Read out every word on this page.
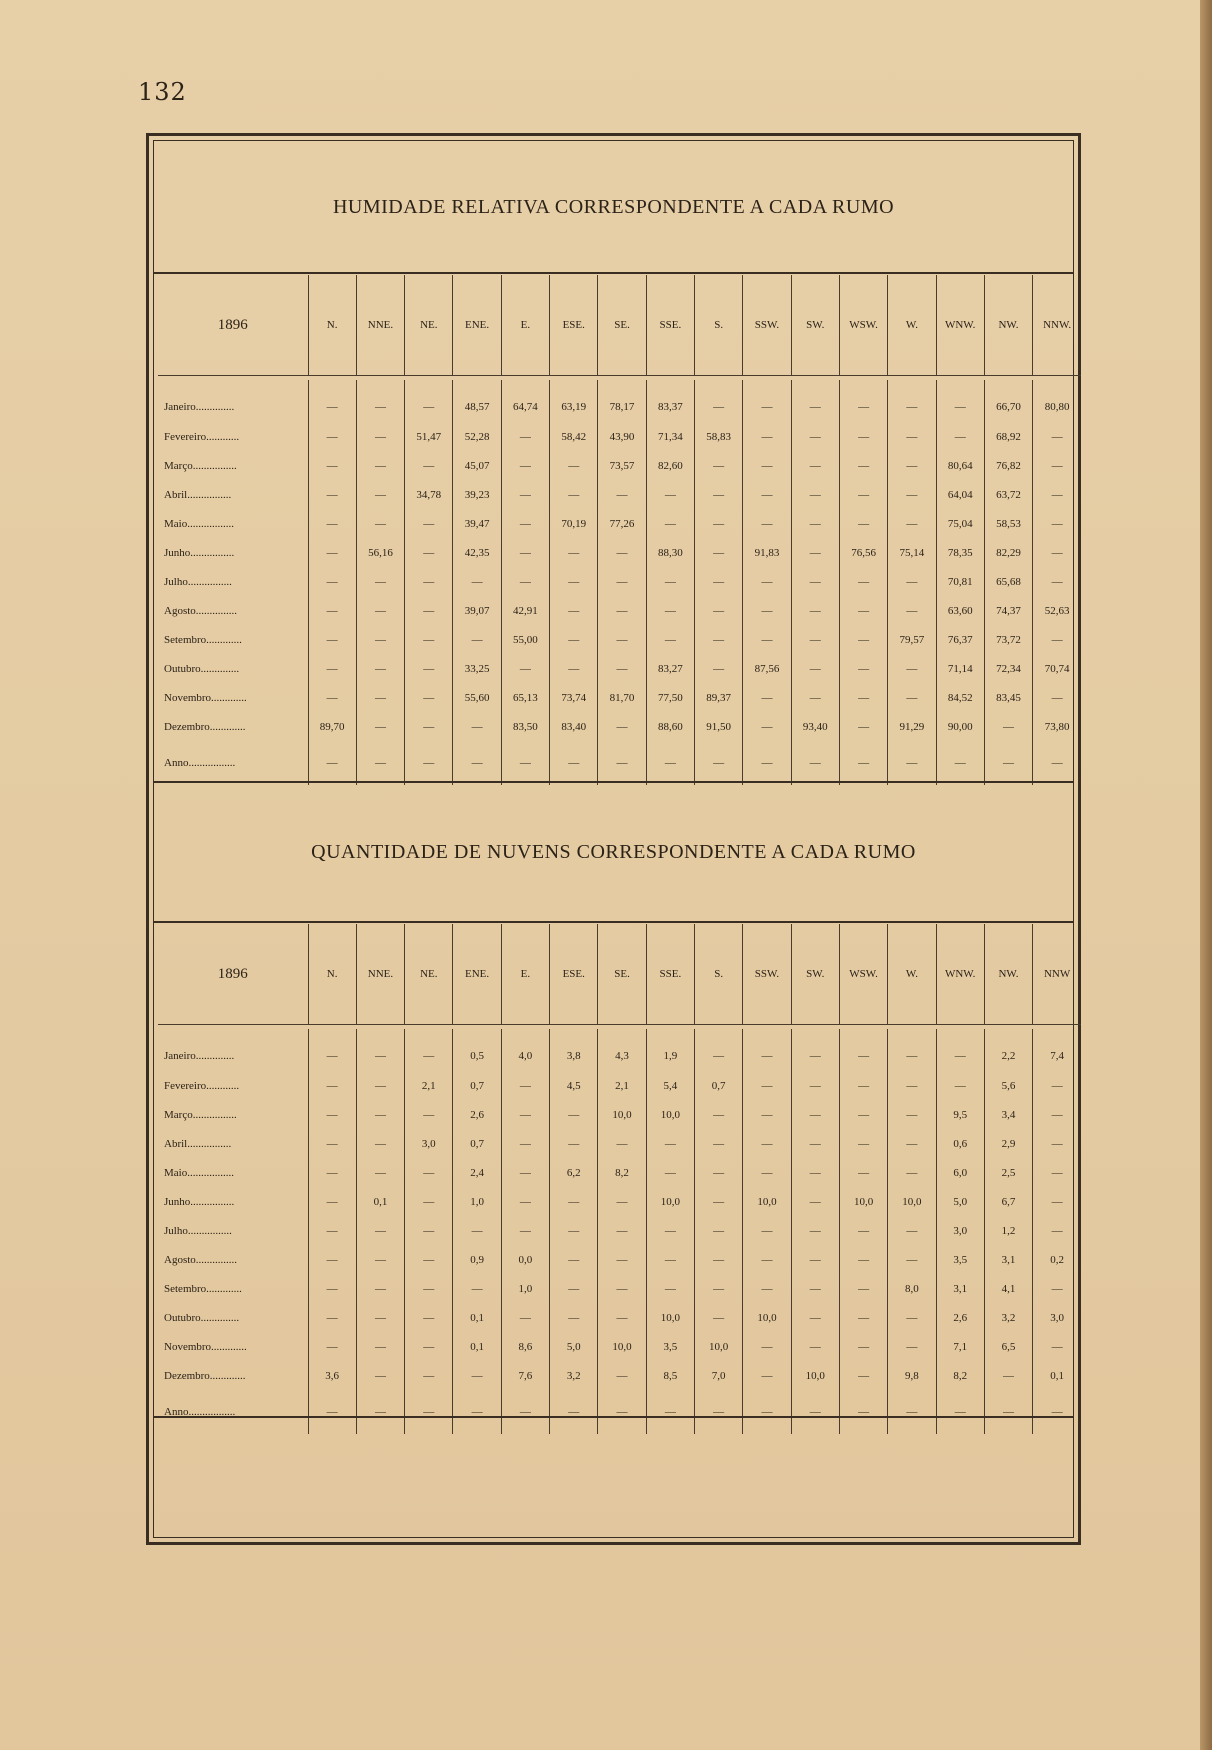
132
HUMIDADE RELATIVA CORRESPONDENTE A CADA RUMO
1896	N.	NNE.	NE.	ENE.	E.	ESE.	SE.	SSE.	S.	SSW.	SW.	WSW.	W.	WNW.	NW.	NNW.

Janeiro..............	—	—	—	48,57	64,74	63,19	78,17	83,37	—	—	—	—	—	—	66,70	80,80
Fevereiro............	—	—	51,47	52,28	—	58,42	43,90	71,34	58,83	—	—	—	—	—	68,92	—
Março................	—	—	—	45,07	—	—	73,57	82,60	—	—	—	—	—	80,64	76,82	—
Abril................	—	—	34,78	39,23	—	—	—	—	—	—	—	—	—	64,04	63,72	—
Maio.................	—	—	—	39,47	—	70,19	77,26	—	—	—	—	—	—	75,04	58,53	—
Junho................	—	56,16	—	42,35	—	—	—	88,30	—	91,83	—	76,56	75,14	78,35	82,29	—
Julho................	—	—	—	—	—	—	—	—	—	—	—	—	—	70,81	65,68	—
Agosto...............	—	—	—	39,07	42,91	—	—	—	—	—	—	—	—	63,60	74,37	52,63
Setembro.............	—	—	—	—	55,00	—	—	—	—	—	—	—	79,57	76,37	73,72	—
Outubro..............	—	—	—	33,25	—	—	—	83,27	—	87,56	—	—	—	71,14	72,34	70,74
Novembro.............	—	—	—	55,60	65,13	73,74	81,70	77,50	89,37	—	—	—	—	84,52	83,45	—
Dezembro.............	89,70	—	—	—	83,50	83,40	—	88,60	91,50	—	93,40	—	91,29	90,00	—	73,80
Anno.................	—	—	—	—	—	—	—	—	—	—	—	—	—	—	—	—
QUANTIDADE DE NUVENS CORRESPONDENTE A CADA RUMO
1896	N.	NNE.	NE.	ENE.	E.	ESE.	SE.	SSE.	S.	SSW.	SW.	WSW.	W.	WNW.	NW.	NNW

Janeiro..............	—	—	—	0,5	4,0	3,8	4,3	1,9	—	—	—	—	—	—	2,2	7,4
Fevereiro............	—	—	2,1	0,7	—	4,5	2,1	5,4	0,7	—	—	—	—	—	5,6	—
Março................	—	—	—	2,6	—	—	10,0	10,0	—	—	—	—	—	9,5	3,4	—
Abril................	—	—	3,0	0,7	—	—	—	—	—	—	—	—	—	0,6	2,9	—
Maio.................	—	—	—	2,4	—	6,2	8,2	—	—	—	—	—	—	6,0	2,5	—
Junho................	—	0,1	—	1,0	—	—	—	10,0	—	10,0	—	10,0	10,0	5,0	6,7	—
Julho................	—	—	—	—	—	—	—	—	—	—	—	—	—	3,0	1,2	—
Agosto...............	—	—	—	0,9	0,0	—	—	—	—	—	—	—	—	3,5	3,1	0,2
Setembro.............	—	—	—	—	1,0	—	—	—	—	—	—	—	8,0	3,1	4,1	—
Outubro..............	—	—	—	0,1	—	—	—	10,0	—	10,0	—	—	—	2,6	3,2	3,0
Novembro.............	—	—	—	0,1	8,6	5,0	10,0	3,5	10,0	—	—	—	—	7,1	6,5	—
Dezembro.............	3,6	—	—	—	7,6	3,2	—	8,5	7,0	—	10,0	—	9,8	8,2	—	0,1
Anno.................	—	—	—	—	—	—	—	—	—	—	—	—	—	—	—	—
